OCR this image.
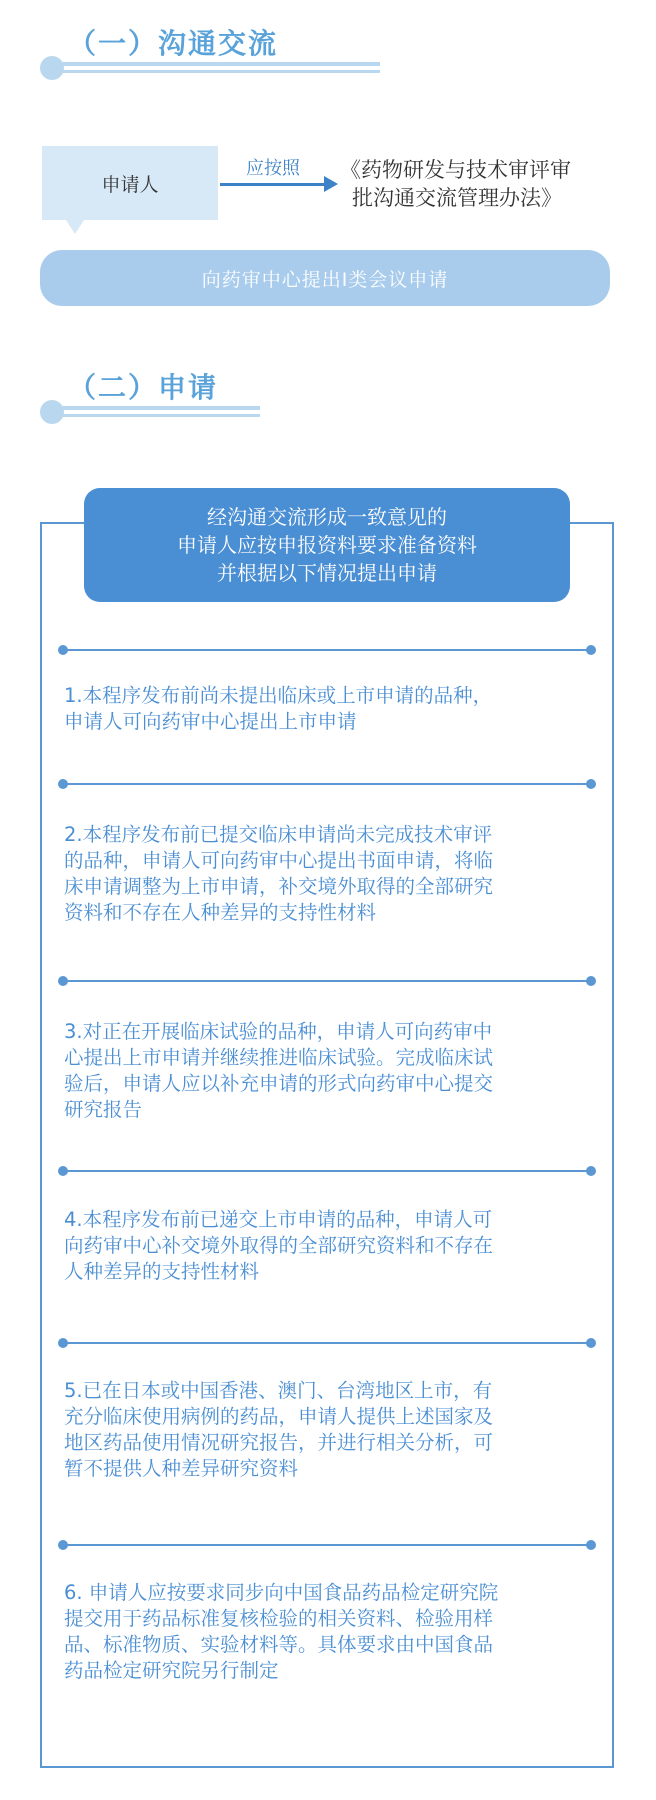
（一）沟通交流
申请人
应按照 《药物研发与技术审评审
批沟通交流管理办法》
向药审中心提出Ⅰ类会议申请
（二）申请
经沟通交流形成一致意见的
申请人应按申报资料要求准备资料
并根据以下情况提出申请
1.本程序发布前尚未提出临床或上市申请的品种，
申请人可向药审中心提出上市申请
2.本程序发布前已提交临床申请尚未完成技术审评
的品种，申请人可向药审中心提出书面申请，将临
床申请调整为上市申请，补交境外取得的全部研究
资料和不存在人种差异的支持性材料
3.对正在开展临床试验的品种，申请人可向药审中
心提出上市申请并继续推进临床试验。完成临床试
验后，申请人应以补充申请的形式向药审中心提交
研究报告
4.本程序发布前已递交上市申请的品种，申请人可
向药审中心补交境外取得的全部研究资料和不存在
人种差异的支持性材料
5.已在日本或中国香港、澳门、台湾地区上市，有
充分临床使用病例的药品，申请人提供上述国家及
地区药品使用情况研究报告，并进行相关分析，可
暂不提供人种差异研究资料
6. 申请人应按要求同步向中国食品药品检定研究院
提交用于药品标准复核检验的相关资料、检验用样
品、标准物质、实验材料等。具体要求由中国食品
药品检定研究院另行制定
